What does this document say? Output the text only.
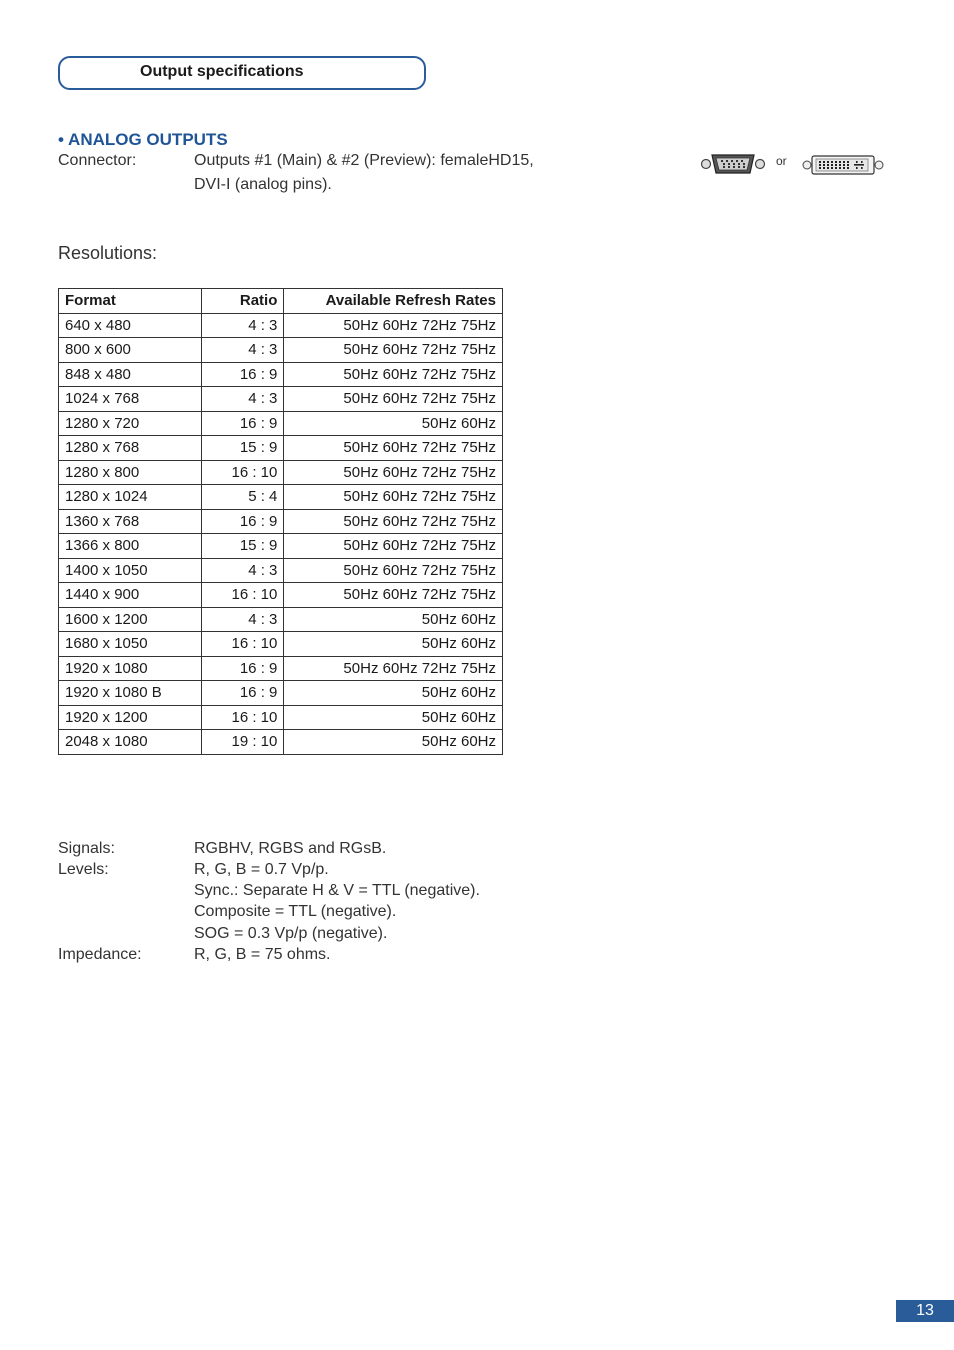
Output specifications
• ANALOG OUTPUTS
Connector:	Outputs #1 (Main) & #2 (Preview): femaleHD15,
DVI-I (analog pins).
or
Resolutions:
Format	Ratio	Available Refresh Rates
640 x 480	4 : 3	50Hz 60Hz 72Hz 75Hz
800 x 600	4 : 3	50Hz 60Hz 72Hz 75Hz
848 x 480	16 : 9	50Hz 60Hz 72Hz 75Hz
1024 x 768	4 : 3	50Hz 60Hz 72Hz 75Hz
1280 x 720	16 : 9	50Hz 60Hz
1280 x 768	15 : 9	50Hz 60Hz 72Hz 75Hz
1280 x 800	16 : 10	50Hz 60Hz 72Hz 75Hz
1280 x 1024	5 : 4	50Hz 60Hz 72Hz 75Hz
1360 x 768	16 : 9	50Hz 60Hz 72Hz 75Hz
1366 x 800	15 : 9	50Hz 60Hz 72Hz 75Hz
1400 x 1050	4 : 3	50Hz 60Hz 72Hz 75Hz
1440 x 900	16 : 10	50Hz 60Hz 72Hz 75Hz
1600 x 1200	4 : 3	50Hz 60Hz
1680 x 1050	16 : 10	50Hz 60Hz
1920 x 1080	16 : 9	50Hz 60Hz 72Hz 75Hz
1920 x 1080 B	16 : 9	50Hz 60Hz
1920 x 1200	16 : 10	50Hz 60Hz
2048 x 1080	19 : 10	50Hz 60Hz
Signals:	RGBHV, RGBS and RGsB.
Levels:	R, G, B = 0.7 Vp/p.
Sync.: Separate H & V = TTL (negative).
Composite = TTL (negative).
SOG = 0.3 Vp/p (negative).
Impedance:	R, G, B = 75 ohms.
13
